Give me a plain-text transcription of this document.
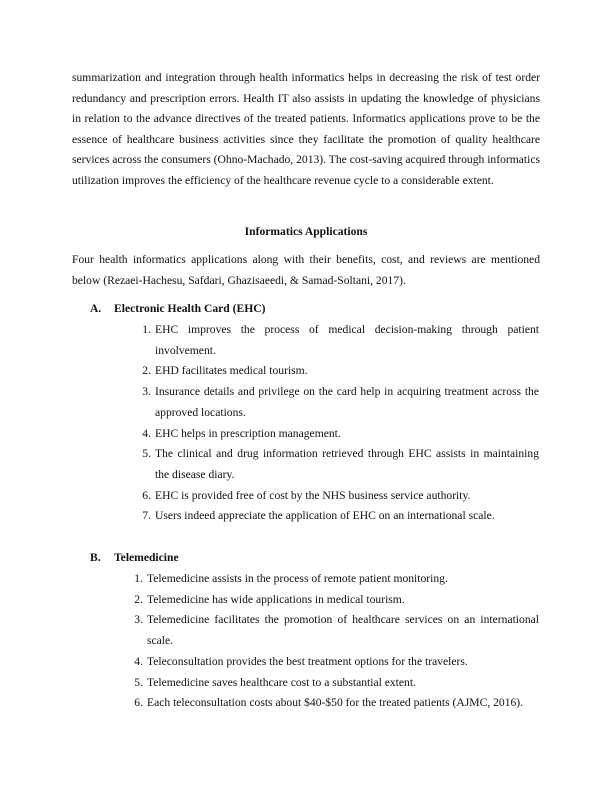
summarization and integration through health informatics helps in decreasing the risk of test order redundancy and prescription errors. Health IT also assists in updating the knowledge of physicians in relation to the advance directives of the treated patients. Informatics applications prove to be the essence of healthcare business activities since they facilitate the promotion of quality healthcare services across the consumers (Ohno-Machado, 2013). The cost-saving acquired through informatics utilization improves the efficiency of the healthcare revenue cycle to a considerable extent.

Informatics Applications

Four health informatics applications along with their benefits, cost, and reviews are mentioned below (Rezaei-Hachesu, Safdari, Ghazisaeedi, & Samad-Soltani, 2017).

A. Electronic Health Card (EHC)
1. EHC improves the process of medical decision-making through patient involvement.
2. EHD facilitates medical tourism.
3. Insurance details and privilege on the card help in acquiring treatment across the approved locations.
4. EHC helps in prescription management.
5. The clinical and drug information retrieved through EHC assists in maintaining the disease diary.
6. EHC is provided free of cost by the NHS business service authority.
7. Users indeed appreciate the application of EHC on an international scale.
B. Telemedicine
1. Telemedicine assists in the process of remote patient monitoring.
2. Telemedicine has wide applications in medical tourism.
3. Telemedicine facilitates the promotion of healthcare services on an international scale.
4. Teleconsultation provides the best treatment options for the travelers.
5. Telemedicine saves healthcare cost to a substantial extent.
6. Each teleconsultation costs about $40-$50 for the treated patients (AJMC, 2016).
